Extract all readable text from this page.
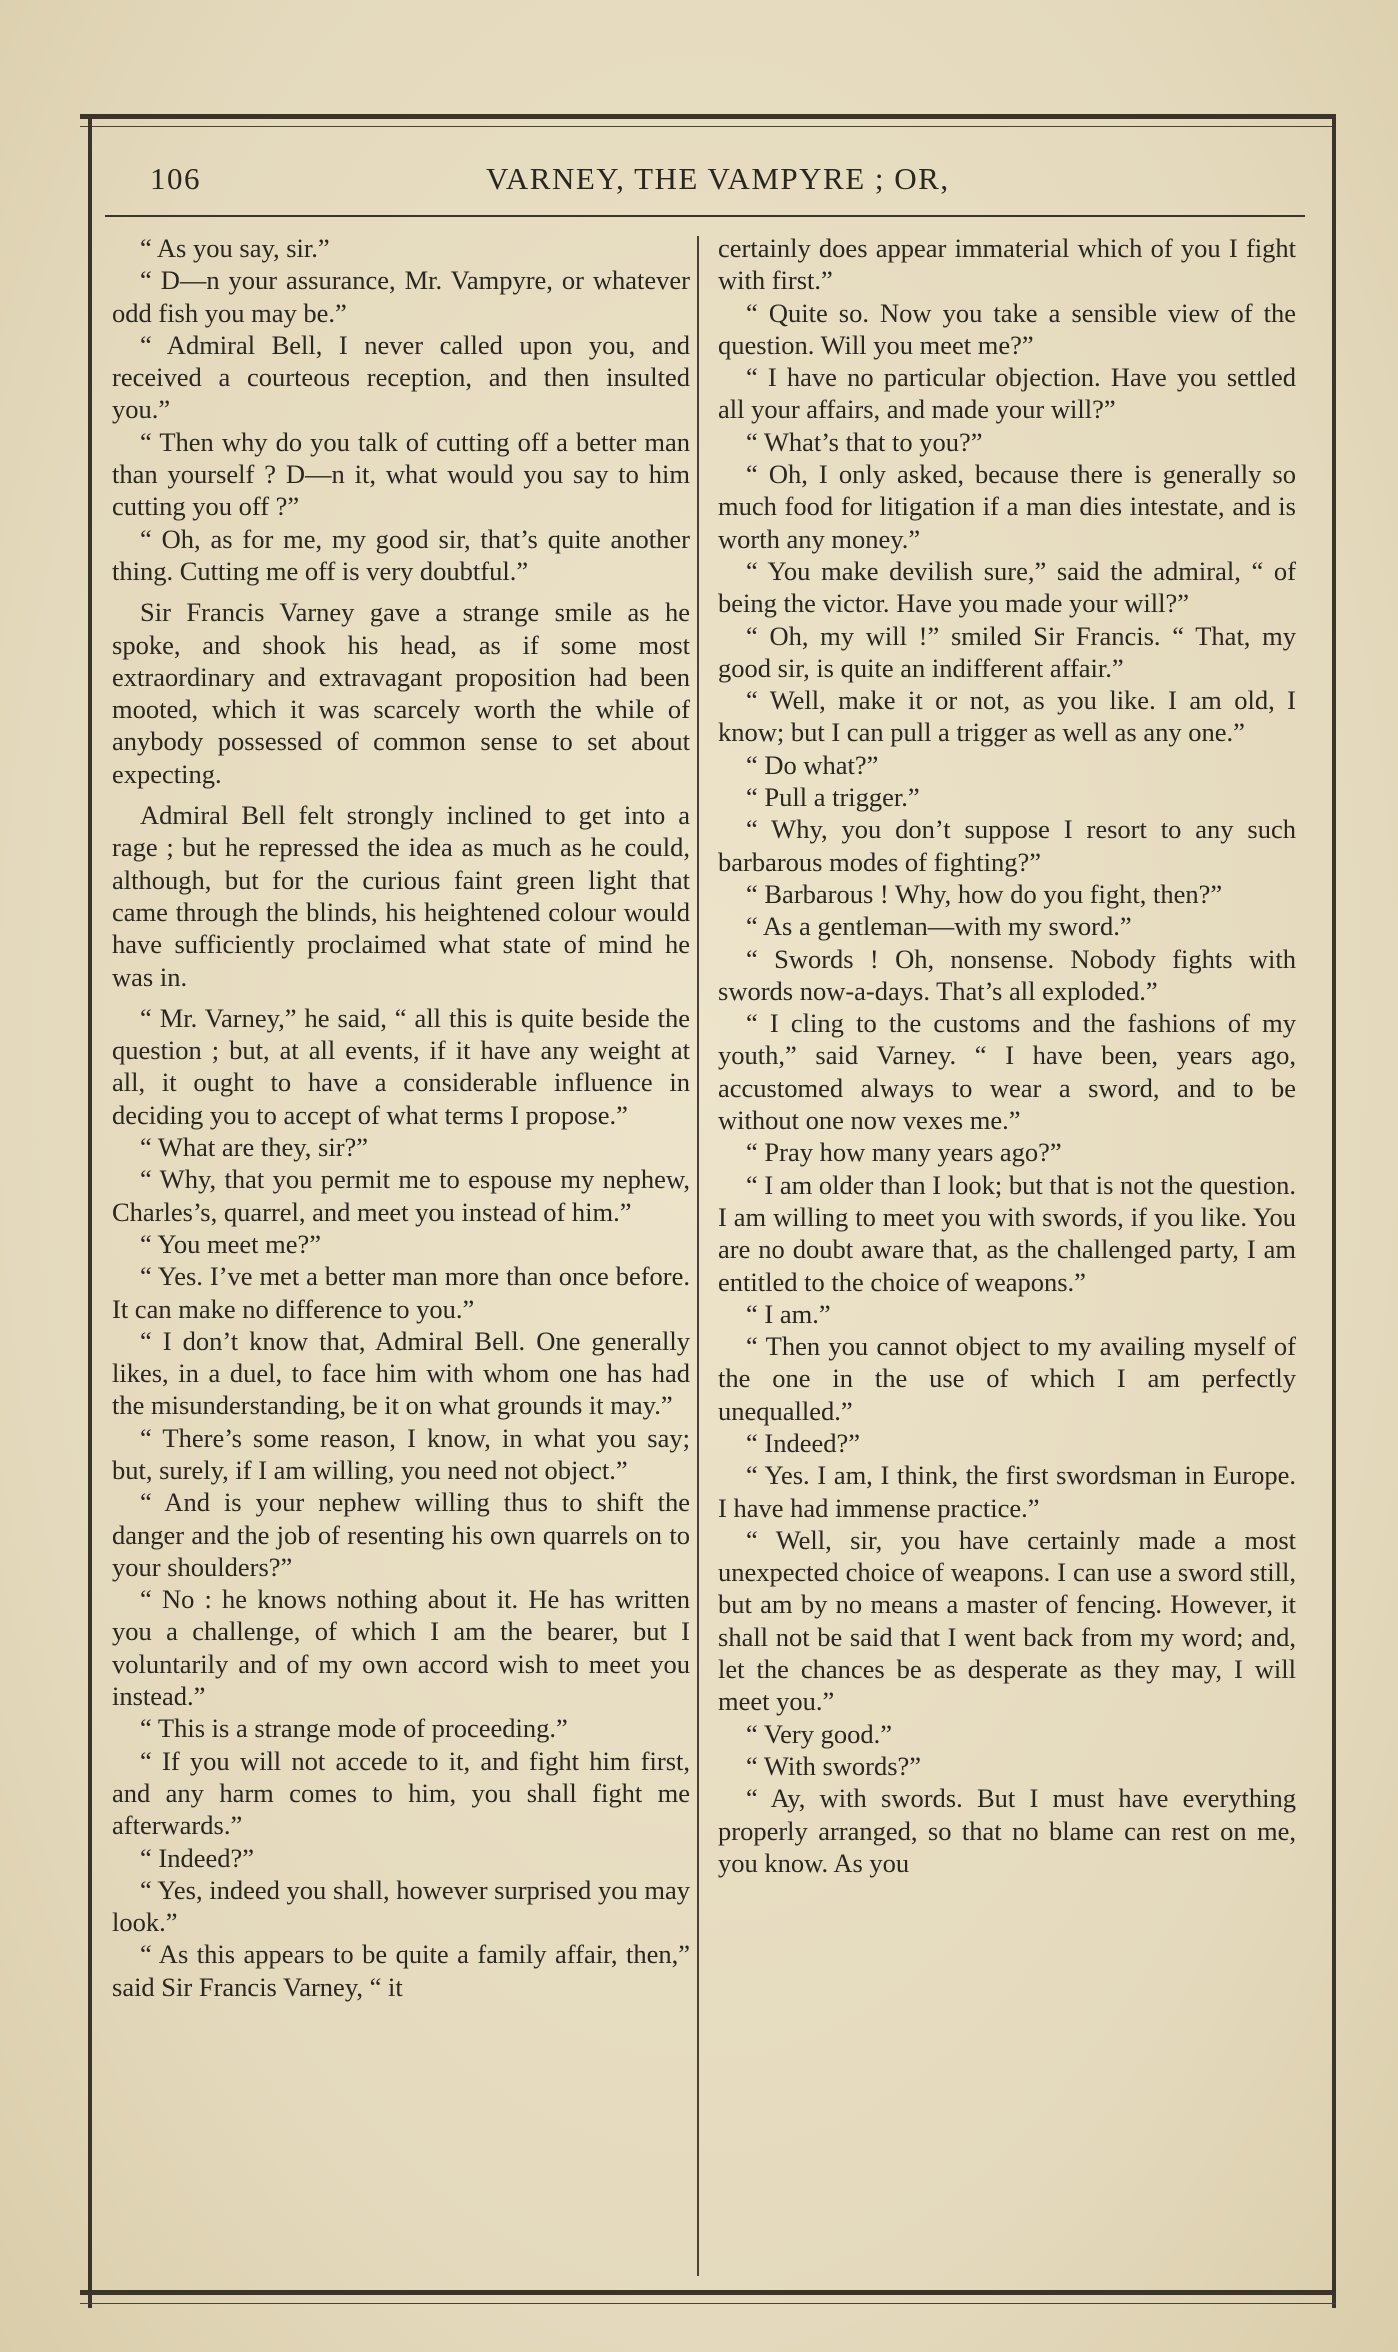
106	VARNEY, THE VAMPYRE ; OR,

“ As you say, sir.”

“ D—n your assurance, Mr. Vampyre, or whatever odd fish you may be.”

“ Admiral Bell, I never called upon you, and received a courteous reception, and then insulted you.”

“ Then why do you talk of cutting off a better man than yourself ? D—n it, what would you say to him cutting you off ?”

“ Oh, as for me, my good sir, that’s quite another thing. Cutting me off is very doubtful.”

Sir Francis Varney gave a strange smile as he spoke, and shook his head, as if some most extraordinary and extravagant proposition had been mooted, which it was scarcely worth the while of anybody possessed of common sense to set about expecting.

Admiral Bell felt strongly inclined to get into a rage ; but he repressed the idea as much as he could, although, but for the curious faint green light that came through the blinds, his heightened colour would have sufficiently proclaimed what state of mind he was in.

“ Mr. Varney,” he said, “ all this is quite beside the question ; but, at all events, if it have any weight at all, it ought to have a considerable influence in deciding you to accept of what terms I propose.”

“ What are they, sir?”

“ Why, that you permit me to espouse my nephew, Charles’s, quarrel, and meet you instead of him.”

“ You meet me?”

“ Yes. I’ve met a better man more than once before. It can make no difference to you.”

“ I don’t know that, Admiral Bell. One generally likes, in a duel, to face him with whom one has had the misunderstanding, be it on what grounds it may.”

“ There’s some reason, I know, in what you say; but, surely, if I am willing, you need not object.”

“ And is your nephew willing thus to shift the danger and the job of resenting his own quarrels on to your shoulders?”

“ No : he knows nothing about it. He has written you a challenge, of which I am the bearer, but I voluntarily and of my own accord wish to meet you instead.”

“ This is a strange mode of proceeding.”

“ If you will not accede to it, and fight him first, and any harm comes to him, you shall fight me afterwards.”

“ Indeed?”

“ Yes, indeed you shall, however surprised you may look.”

“ As this appears to be quite a family affair, then,” said Sir Francis Varney, “ it

certainly does appear immaterial which of you I fight with first.”

“ Quite so. Now you take a sensible view of the question. Will you meet me?”

“ I have no particular objection. Have you settled all your affairs, and made your will?”

“ What’s that to you?”

“ Oh, I only asked, because there is generally so much food for litigation if a man dies intestate, and is worth any money.”

“ You make devilish sure,” said the admiral, “ of being the victor. Have you made your will?”

“ Oh, my will !” smiled Sir Francis. “ That, my good sir, is quite an indifferent affair.”

“ Well, make it or not, as you like. I am old, I know; but I can pull a trigger as well as any one.”

“ Do what?”

“ Pull a trigger.”

“ Why, you don’t suppose I resort to any such barbarous modes of fighting?”

“ Barbarous ! Why, how do you fight, then?”

“ As a gentleman—with my sword.”

“ Swords ! Oh, nonsense. Nobody fights with swords now-a-days. That’s all exploded.”

“ I cling to the customs and the fashions of my youth,” said Varney. “ I have been, years ago, accustomed always to wear a sword, and to be without one now vexes me.”

“ Pray how many years ago?”

“ I am older than I look; but that is not the question. I am willing to meet you with swords, if you like. You are no doubt aware that, as the challenged party, I am entitled to the choice of weapons.”

“ I am.”

“ Then you cannot object to my availing myself of the one in the use of which I am perfectly unequalled.”

“ Indeed?”

“ Yes. I am, I think, the first swordsman in Europe. I have had immense practice.”

“ Well, sir, you have certainly made a most unexpected choice of weapons. I can use a sword still, but am by no means a master of fencing. However, it shall not be said that I went back from my word; and, let the chances be as desperate as they may, I will meet you.”

“ Very good.”

“ With swords?”

“ Ay, with swords. But I must have everything properly arranged, so that no blame can rest on me, you know. As you
